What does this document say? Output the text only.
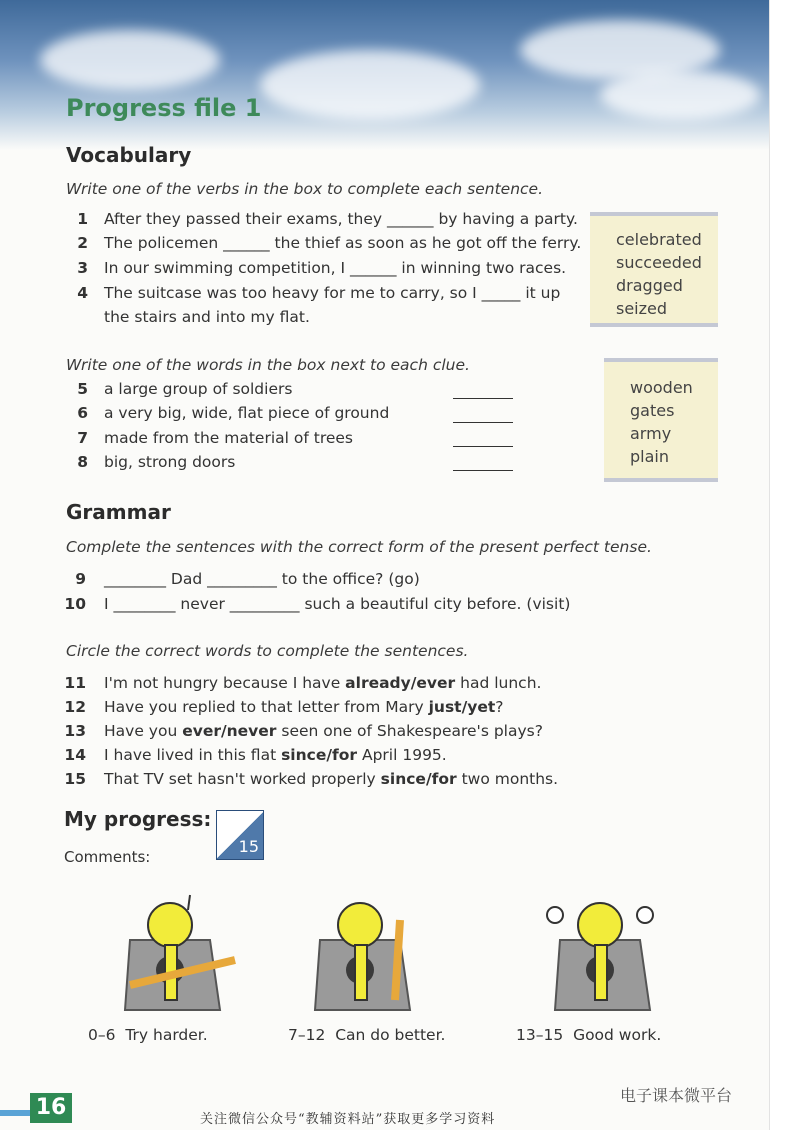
Progress file 1
Vocabulary
Write one of the verbs in the box to complete each sentence.
1 After they passed their exams, they ______ by having a party.
2 The policemen ______ the thief as soon as he got off the ferry.
3 In our swimming competition, I ______ in winning two races.
4 The suitcase was too heavy for me to carry, so I _____ it up
the stairs and into my flat.
celebrated
succeeded
dragged
seized
Write one of the words in the box next to each clue.
5 a large group of soldiers
6 a very big, wide, flat piece of ground
7 made from the material of trees
8 big, strong doors
wooden
gates
army
plain
Grammar
Complete the sentences with the correct form of the present perfect tense.
9 ________ Dad _________ to the office? (go)
10 I ________ never _________ such a beautiful city before. (visit)
Circle the correct words to complete the sentences.
11 I'm not hungry because I have already/ever had lunch.
12 Have you replied to that letter from Mary just/yet?
13 Have you ever/never seen one of Shakespeare's plays?
14 I have lived in this flat since/for April 1995.
15 That TV set hasn't worked properly since/for two months.
My progress:
15
Comments:
0–6 Try harder.	7–12 Can do better.	13–15 Good work.
16	电子课本微平台
关注微信公众号“教辅资料站”获取更多学习资料
